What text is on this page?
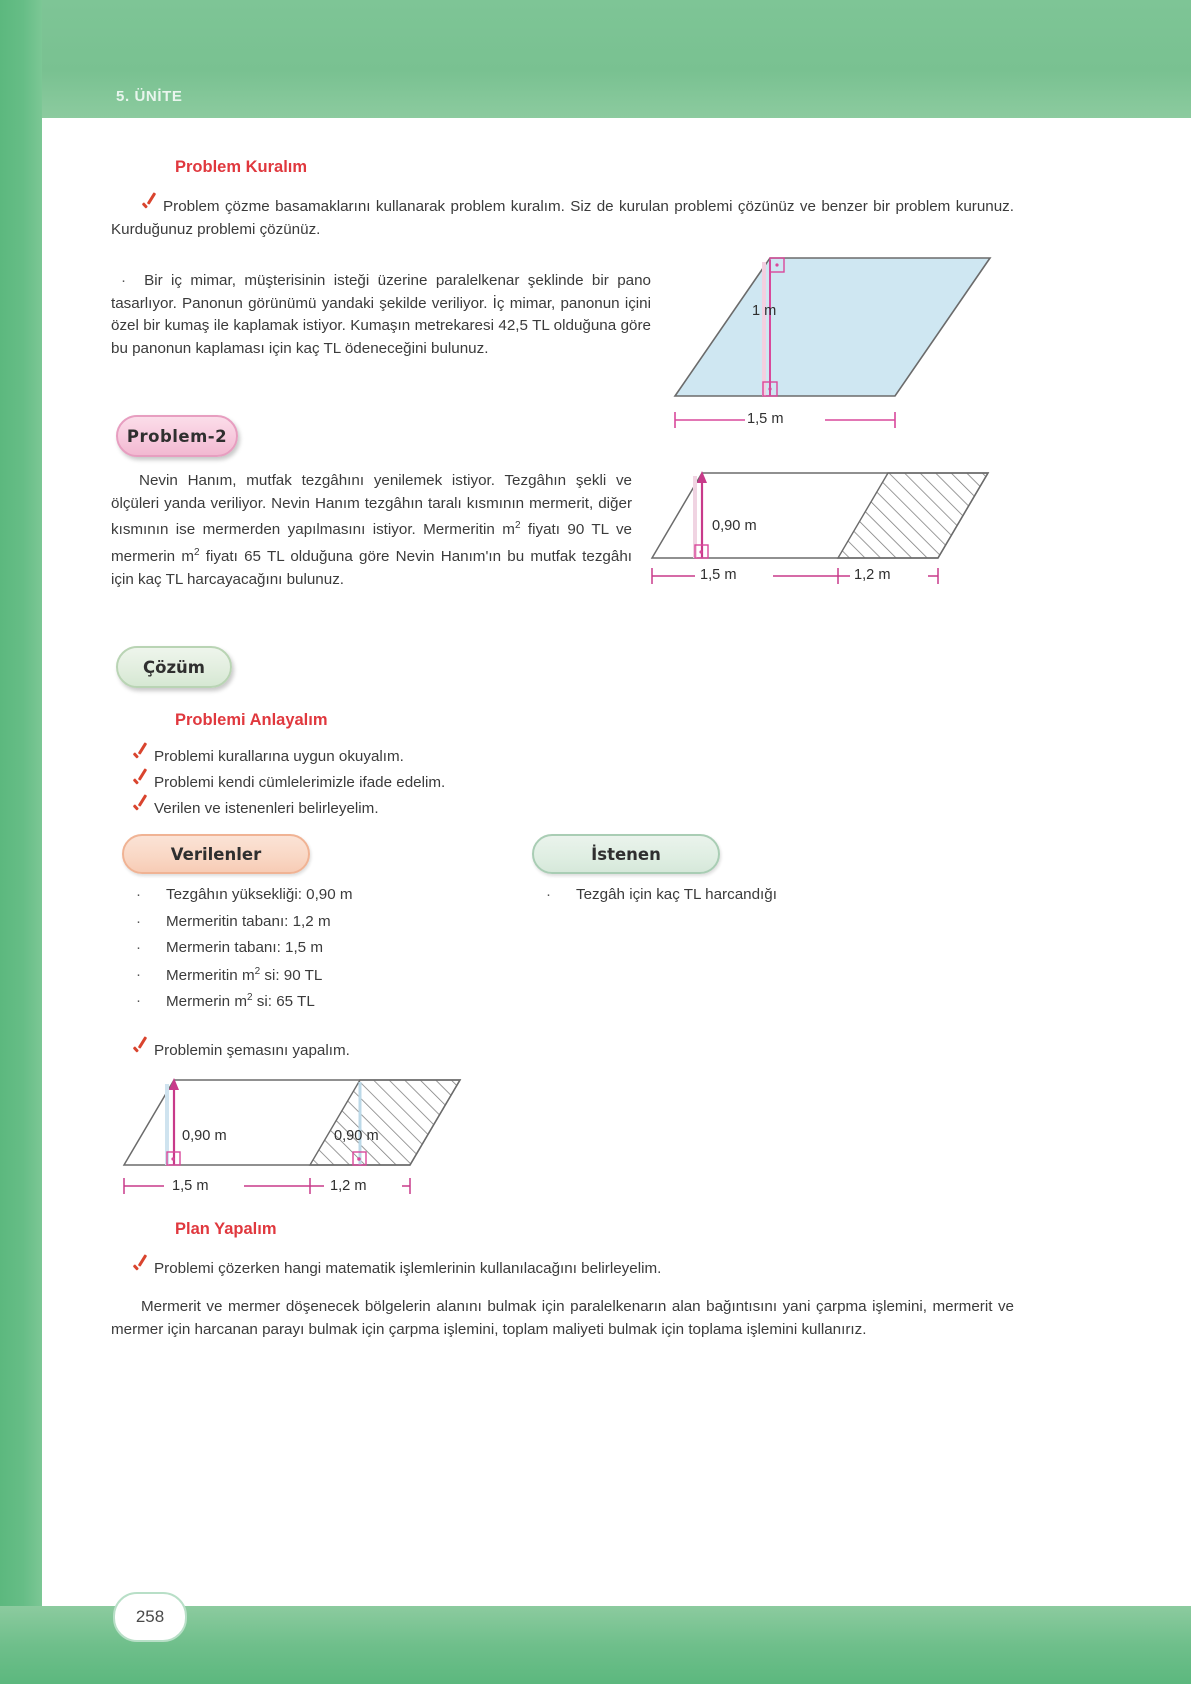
5. ÜNİTE
Problem Kuralım
Problem çözme basamaklarını kullanarak problem kuralım. Siz de kurulan problemi çözünüz ve benzer bir problem kurunuz. Kurduğunuz problemi çözünüz.
· Bir iç mimar, müşterisinin isteği üzerine paralelkenar şeklinde bir pano tasarlıyor. Panonun görünümü yandaki şekilde veriliyor. İç mimar, panonun içini özel bir kumaş ile kaplamak istiyor. Kumaşın metrekaresi 42,5 TL olduğuna göre bu panonun kaplaması için kaç TL ödeneceğini bulunuz.
1 m
1,5 m
Problem-2
Nevin Hanım, mutfak tezgâhını yenilemek istiyor. Tezgâhın şekli ve ölçüleri yanda veriliyor. Nevin Hanım tezgâhın taralı kısmının mermerit, diğer kısmının ise mermerden yapılmasını istiyor. Mermeritin $m^2$ fiyatı 90 TL ve mermerin $m^2$ fiyatı 65 TL olduğuna göre Nevin Hanım'ın bu mutfak tezgâhı için kaç TL harcayacağını bulunuz.
0,90 m
1,5 m	1,2 m
Çözüm
Problemi Anlayalım
Problemi kurallarına uygun okuyalım.
Problemi kendi cümlelerimizle ifade edelim.
Verilen ve istenenleri belirleyelim.
Verilenler	İstenen
·	Tezgâhın yüksekliği: 0,90 m
·	Mermeritin tabanı: 1,2 m
·	Mermerin tabanı: 1,5 m
·	Mermeritin $m^2$ si: 90 TL
·	Mermerin $m^2$ si: 65 TL
·	Tezgâh için kaç TL harcandığı
Problemin şemasını yapalım.
0,90 m	0,90 m
1,5 m	1,2 m
Plan Yapalım
Problemi çözerken hangi matematik işlemlerinin kullanılacağını belirleyelim.
Mermerit ve mermer döşenecek bölgelerin alanını bulmak için paralelkenarın alan bağıntısını yani çarpma işlemini, mermerit ve mermer için harcanan parayı bulmak için çarpma işlemini, toplam maliyeti bulmak için toplama işlemini kullanırız.
258
